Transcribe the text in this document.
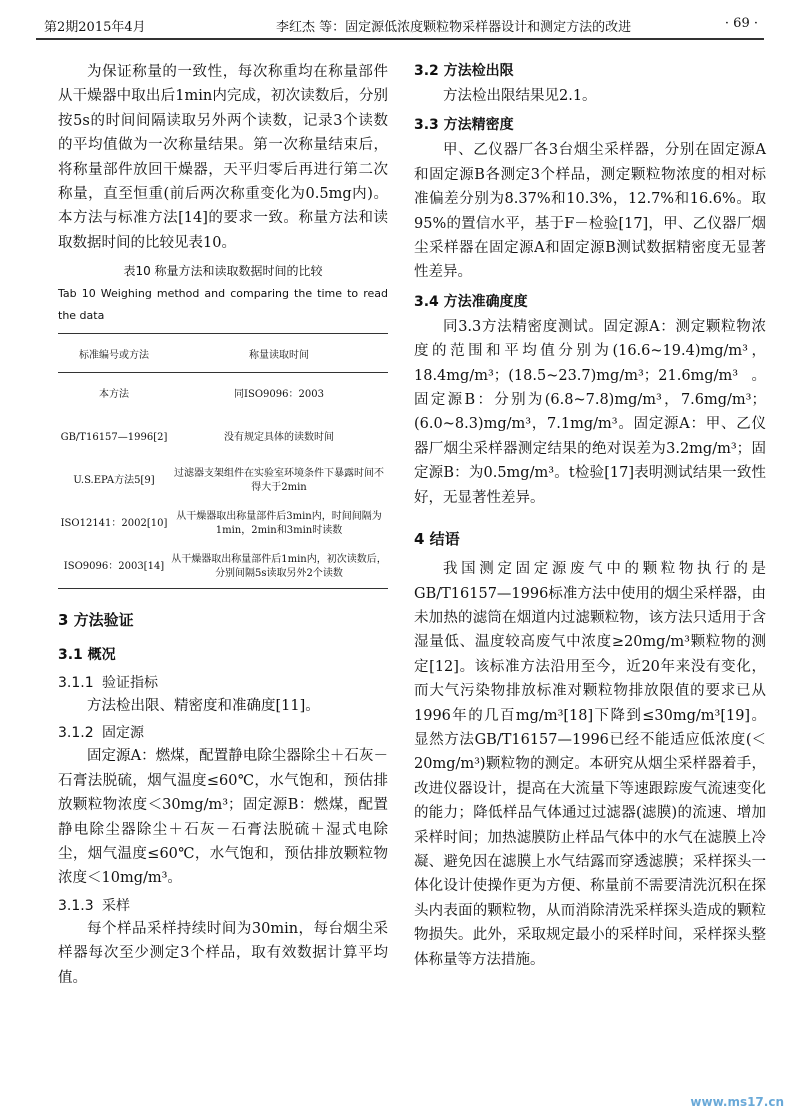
第2期2015年4月	李红杰 等：固定源低浓度颗粒物采样器设计和测定方法的改进	· 69 ·

为保证称量的一致性，每次称重均在称量部件从干燥器中取出后1min内完成，初次读数后，分别按5s的时间间隔读取另外两个读数，记录3个读数的平均值做为一次称量结果。第一次称量结束后，将称量部件放回干燥器，天平归零后再进行第二次称量，直至恒重(前后两次称重变化为0.5mg内)。本方法与标准方法[14]的要求一致。称量方法和读取数据时间的比较见表10。

表10 称量方法和读取数据时间的比较

Tab 10 Weighing method and comparing the time to read the data

标准编号或方法	称量读取时间
本方法	同ISO9096：2003
GB/T16157—1996[2]	没有规定具体的读数时间
U.S.EPA方法5[9]	过滤器支架组件在实验室环境条件下暴露时间不得大于2min
ISO12141：2002[10]	从干燥器取出称量部件后3min内，时间间隔为1min，2min和3min时读数
ISO9096：2003[14]	从干燥器取出称量部件后1min内，初次读数后，分别间隔5s读取另外2个读数

3 方法验证

3.1 概况

3.1.1 验证指标

方法检出限、精密度和准确度[11]。

3.1.2 固定源

固定源A：燃煤，配置静电除尘器除尘＋石灰－石膏法脱硫，烟气温度≤60℃，水气饱和，预估排放颗粒物浓度＜30mg/m³；固定源B：燃煤，配置静电除尘器除尘＋石灰－石膏法脱硫＋湿式电除尘，烟气温度≤60℃，水气饱和，预估排放颗粒物浓度＜10mg/m³。

3.1.3 采样

每个样品采样持续时间为30min，每台烟尘采样器每次至少测定3个样品，取有效数据计算平均值。

3.2 方法检出限

方法检出限结果见2.1。

3.3 方法精密度

甲、乙仪器厂各3台烟尘采样器，分别在固定源A和固定源B各测定3个样品，测定颗粒物浓度的相对标准偏差分别为8.37%和10.3%，12.7%和16.6%。取95%的置信水平，基于F－检验[17]，甲、乙仪器厂烟尘采样器在固定源A和固定源B测试数据精密度无显著性差异。

3.4 方法准确度度

同3.3方法精密度测试。固定源A：测定颗粒物浓度的范围和平均值分别为(16.6~19.4)mg/m³，18.4mg/m³；(18.5~23.7)mg/m³；21.6mg/m³。固定源B：分别为(6.8~7.8)mg/m³，7.6mg/m³；(6.0~8.3)mg/m³，7.1mg/m³。固定源A：甲、乙仪器厂烟尘采样器测定结果的绝对误差为3.2mg/m³；固定源B：为0.5mg/m³。t检验[17]表明测试结果一致性好，无显著性差异。

4 结语

我国测定固定源废气中的颗粒物执行的是GB/T16157—1996标准方法中使用的烟尘采样器，由未加热的滤筒在烟道内过滤颗粒物，该方法只适用于含湿量低、温度较高废气中浓度≥20mg/m³颗粒物的测定[12]。该标准方法沿用至今，近20年来没有变化，而大气污染物排放标准对颗粒物排放限值的要求已从1996年的几百mg/m³[18]下降到≤30mg/m³[19]。显然方法GB/T16157—1996已经不能适应低浓度(＜20mg/m³)颗粒物的测定。本研究从烟尘采样器着手，改进仪器设计，提高在大流量下等速跟踪废气流速变化的能力；降低样品气体通过过滤器(滤膜)的流速、增加采样时间；加热滤膜防止样品气体中的水气在滤膜上冷凝、避免因在滤膜上水气结露而穿透滤膜；采样探头一体化设计使操作更为方便、称量前不需要清洗沉积在探头内表面的颗粒物，从而消除清洗采样探头造成的颗粒物损失。此外，采取规定最小的采样时间，采样探头整体称量等方法措施。

www.ms17.cn
